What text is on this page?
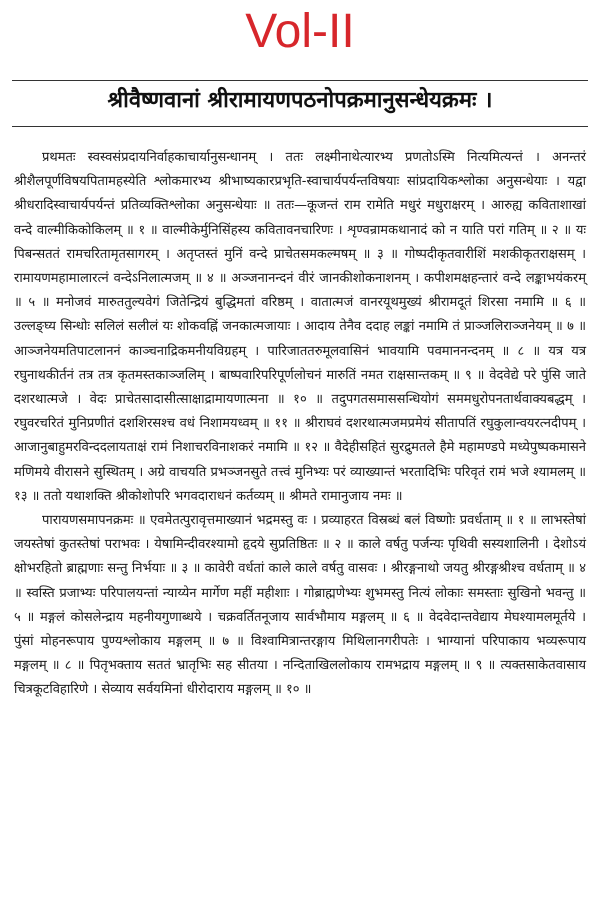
Vol-II
श्रीवैष्णवानां श्रीरामायणपठनोपक्रमानुसन्धेयक्रमः ।

प्रथमतः स्वस्वसंप्रदायनिर्वाहकाचार्यानुसन्धानम् । ततः लक्ष्मीनाथेत्यारभ्य प्रणतोऽस्मि नित्यमित्यन्तं । अनन्तरं श्रीशैलपूर्णविषयपितामहस्येति श्लोकमारभ्य श्रीभाष्यकारप्रभृति-स्वाचार्यपर्यन्तविषयाः सांप्रदायिकश्लोका अनुसन्धेयाः । यद्वा श्रीधरादिस्वाचार्यपर्यन्तं प्रतिव्यक्तिश्लोका अनुसन्धेयाः ॥ ततः—कूजन्तं राम रामेति मधुरं मधुराक्षरम् । आरुह्य कविताशाखां वन्दे वाल्मीकिकोकिलम् ॥ १ ॥ वाल्मीकेर्मुनिसिंहस्य कवितावनचारिणः । शृण्वन्रामकथानादं को न याति परां गतिम् ॥ २ ॥ यः पिबन्सततं रामचरितामृतसागरम् । अतृप्तस्तं मुनिं वन्दे प्राचेतसमकल्मषम् ॥ ३ ॥ गोष्पदीकृतवारीशिं मशकीकृतराक्षसम् । रामायणमहामालारत्नं वन्देऽनिलात्मजम् ॥ ४ ॥ अञ्जनानन्दनं वीरं जानकीशोकनाशनम् । कपीशमक्षहन्तारं वन्दे लङ्काभयंकरम् ॥ ५ ॥ मनोजवं मारुततुल्यवेगं जितेन्द्रियं बुद्धिमतां वरिष्ठम् । वातात्मजं वानरयूथमुख्यं श्रीरामदूतं शिरसा नमामि ॥ ६ ॥ उल्लङ्घ्य सिन्धोः सलिलं सलीलं यः शोकवह्निं जनकात्मजायाः । आदाय तेनैव ददाह लङ्कां नमामि तं प्राञ्जलिराञ्जनेयम् ॥ ७ ॥ आञ्जनेयमतिपाटलाननं काञ्चनाद्रिकमनीयविग्रहम् । पारिजाततरुमूलवासिनं भावयामि पवमाननन्दनम् ॥ ८ ॥ यत्र यत्र रघुनाथकीर्तनं तत्र तत्र कृतमस्तकाञ्जलिम् । बाष्पवारिपरिपूर्णलोचनं मारुतिं नमत राक्षसान्तकम् ॥ ९ ॥ वेदवेद्ये परे पुंसि जाते दशरथात्मजे । वेदः प्राचेतसादासीत्साक्षाद्रामायणात्मना ॥ १० ॥ तदुपगतसमाससन्धियोगं सममधुरोपनतार्थवाक्यबद्धम् । रघुवरचरितं मुनिप्रणीतं दशशिरसश्च वधं निशामयध्वम् ॥ ११ ॥ श्रीराघवं दशरथात्मजमप्रमेयं सीतापतिं रघुकुलान्वयरत्नदीपम् । आजानुबाहुमरविन्ददलायताक्षं रामं निशाचरविनाशकरं नमामि ॥ १२ ॥ वैदेहीसहितं सुरद्रुमतले हैमे महामण्डपे मध्येपुष्पकमासने मणिमये वीरासने सुस्थितम् । अग्रे वाचयति प्रभञ्जनसुते तत्त्वं मुनिभ्यः परं व्याख्यान्तं भरतादिभिः परिवृतं रामं भजे श्यामलम् ॥ १३ ॥ ततो यथाशक्ति श्रीकोशोपरि भगवदाराधनं कर्तव्यम् ॥ श्रीमते रामानुजाय नमः ॥

पारायणसमापनक्रमः ॥ एवमेतत्पुरावृत्तमाख्यानं भद्रमस्तु वः । प्रव्याहरत विस्रब्धं बलं विष्णोः प्रवर्धताम् ॥ १ ॥ लाभस्तेषां जयस्तेषां कुतस्तेषां पराभवः । येषामिन्दीवरश्यामो हृदये सुप्रतिष्ठितः ॥ २ ॥ काले वर्षतु पर्जन्यः पृथिवी सस्यशालिनी । देशोऽयं क्षोभरहितो ब्राह्मणाः सन्तु निर्भयाः ॥ ३ ॥ कावेरी वर्धतां काले काले वर्षतु वासवः । श्रीरङ्गनाथो जयतु श्रीरङ्गश्रीश्च वर्धताम् ॥ ४ ॥ स्वस्ति प्रजाभ्यः परिपालयन्तां न्याय्येन मार्गेण महीं महीशाः । गोब्राह्मणेभ्यः शुभमस्तु नित्यं लोकाः समस्ताः सुखिनो भवन्तु ॥ ५ ॥ मङ्गलं कोसलेन्द्राय महनीयगुणाब्धये । चक्रवर्तितनूजाय सार्वभौमाय मङ्गलम् ॥ ६ ॥ वेदवेदान्तवेद्याय मेघश्यामलमूर्तये । पुंसां मोहनरूपाय पुण्यश्लोकाय मङ्गलम् ॥ ७ ॥ विश्वामित्रान्तरङ्गाय मिथिलानगरीपतेः । भाग्यानां परिपाकाय भव्यरूपाय मङ्गलम् ॥ ८ ॥ पितृभक्ताय सततं भ्रातृभिः सह सीतया । नन्दिताखिललोकाय रामभद्राय मङ्गलम् ॥ ९ ॥ त्यक्तसाकेतवासाय चित्रकूटविहारिणे । सेव्याय सर्वयमिनां धीरोदाराय मङ्गलम् ॥ १० ॥
